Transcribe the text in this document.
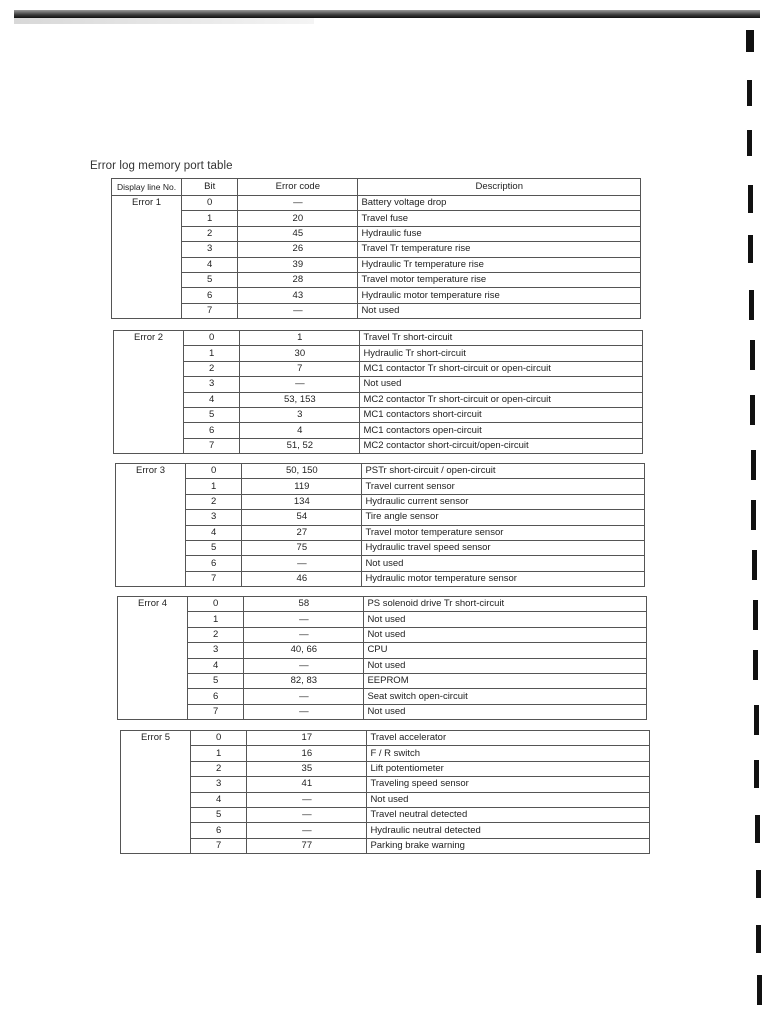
Error log memory port table
Display line No.	Bit	Error code	Description
Error 1	0	—	Battery voltage drop
	1	20	Travel fuse
	2	45	Hydraulic fuse
	3	26	Travel Tr temperature rise
	4	39	Hydraulic Tr temperature rise
	5	28	Travel motor temperature rise
	6	43	Hydraulic motor temperature rise
	7	—	Not used
Error 2	0	1	Travel Tr short-circuit
	1	30	Hydraulic Tr short-circuit
	2	7	MC1 contactor Tr short-circuit or open-circuit
	3	—	Not used
	4	53, 153	MC2 contactor Tr short-circuit or open-circuit
	5	3	MC1 contactors short-circuit
	6	4	MC1 contactors open-circuit
	7	51, 52	MC2 contactor short-circuit/open-circuit
Error 3	0	50, 150	PSTr short-circuit / open-circuit
	1	119	Travel current sensor
	2	134	Hydraulic current sensor
	3	54	Tire angle sensor
	4	27	Travel motor temperature sensor
	5	75	Hydraulic travel speed sensor
	6	—	Not used
	7	46	Hydraulic motor temperature sensor
Error 4	0	58	PS solenoid drive Tr short-circuit
	1	—	Not used
	2	—	Not used
	3	40, 66	CPU
	4	—	Not used
	5	82, 83	EEPROM
	6	—	Seat switch open-circuit
	7	—	Not used
Error 5	0	17	Travel accelerator
	1	16	F / R switch
	2	35	Lift potentiometer
	3	41	Traveling speed sensor
	4	—	Not used
	5	—	Travel neutral detected
	6	—	Hydraulic neutral detected
	7	77	Parking brake warning
